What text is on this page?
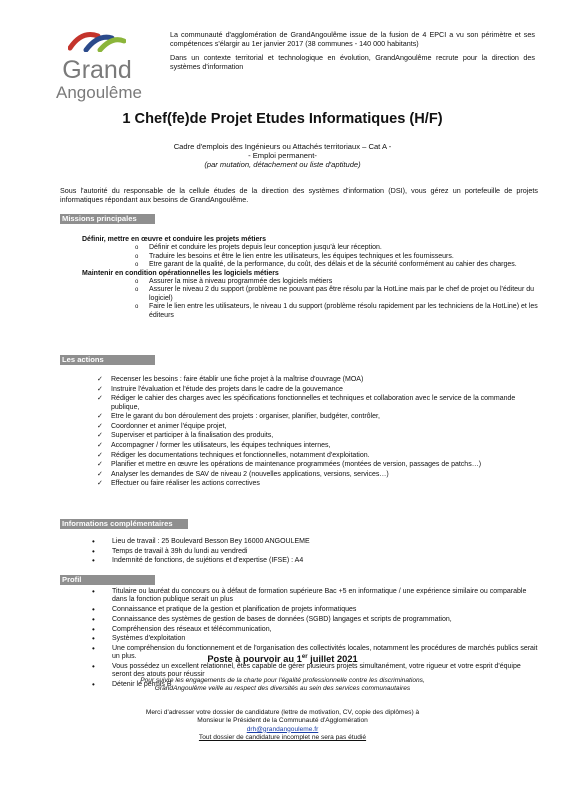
Grand
Angoulême

La communauté d'agglomération de GrandAngoulême issue de la fusion de 4 EPCI a vu son périmètre et ses compétences s'élargir au 1er janvier 2017 (38 communes - 140 000 habitants)

Dans un contexte territorial et technologique en évolution, GrandAngoulême recrute pour la direction des systèmes d'information

1 Chef(fe)de Projet Etudes Informatiques (H/F)
Cadre d'emplois des Ingénieurs ou Attachés territoriaux – Cat A -
- Emploi permanent-
(par mutation, détachement ou liste d'aptitude)
Sous l'autorité du responsable de la cellule études de la direction des systèmes d'information (DSI), vous gérez un portefeuille de projets informatiques répondant aux besoins de GrandAngoulême.
Missions principales
Définir, mettre en œuvre et conduire les projets métiers
o Définir et conduire les projets depuis leur conception jusqu'à leur réception.
o Traduire les besoins et être le lien entre les utilisateurs, les équipes techniques et les fournisseurs.
o Etre garant de la qualité, de la performance, du coût, des délais et de la sécurité conformément au cahier des charges.
Maintenir en condition opérationnelles les logiciels métiers
o Assurer la mise à niveau programmée des logiciels métiers
o Assurer le niveau 2 du support (problème ne pouvant pas être résolu par la HotLine mais par le chef de projet ou l'éditeur du logiciel)
o Faire le lien entre les utilisateurs, le niveau 1 du support (problème résolu rapidement par les techniciens de la HotLine) et les éditeurs
Les actions
✓ Recenser les besoins : faire établir une fiche projet à la maîtrise d'ouvrage (MOA)
✓ Instruire l'évaluation et l'étude des projets dans le cadre de la gouvernance
✓ Rédiger le cahier des charges avec les spécifications fonctionnelles et techniques et collaboration avec le service de la commande publique,
✓ Etre le garant du bon déroulement des projets : organiser, planifier, budgéter, contrôler,
✓ Coordonner et animer l'équipe projet,
✓ Superviser et participer à la finalisation des produits,
✓ Accompagner / former les utilisateurs, les équipes techniques internes,
✓ Rédiger les documentations techniques et fonctionnelles, notamment d'exploitation.
✓ Planifier et mettre en œuvre les opérations de maintenance programmées (montées de version, passages de patchs…)
✓ Analyser les demandes de SAV de niveau 2 (nouvelles applications, versions, services…)
✓ Effectuer ou faire réaliser les actions correctives
Informations complémentaires
• Lieu de travail : 25 Boulevard Besson Bey 16000 ANGOULEME
• Temps de travail à 39h du lundi au vendredi
• Indemnité de fonctions, de sujétions et d'expertise (IFSE) : A4
Profil
• Titulaire ou lauréat du concours ou à défaut de formation supérieure Bac +5 en informatique / une expérience similaire ou comparable dans la fonction publique serait un plus
• Connaissance et pratique de la gestion et planification de projets informatiques
• Connaissance des systèmes de gestion de bases de données (SGBD) langages et scripts de programmation,
• Compréhension des réseaux et télécommunication,
• Systèmes d'exploitation
• Une compréhension du fonctionnement et de l'organisation des collectivités locales, notamment les procédures de marchés publics serait un plus.
• Vous possédez un excellent relationnel, êtes capable de gérer plusieurs projets simultanément, votre rigueur et votre esprit d'équipe seront des atouts pour réussir
• Détenir le permis B
Poste à pourvoir au 1er juillet 2021
Pour suivre les engagements de la charte pour l'égalité professionnelle contre les discriminations,
GrandAngoulême veille au respect des diversités au sein des services communautaires
Merci d'adresser votre dossier de candidature (lettre de motivation, CV, copie des diplômes) à
Monsieur le Président de la Communauté d'Agglomération
drh@grandangouleme.fr
Tout dossier de candidature incomplet ne sera pas étudié
